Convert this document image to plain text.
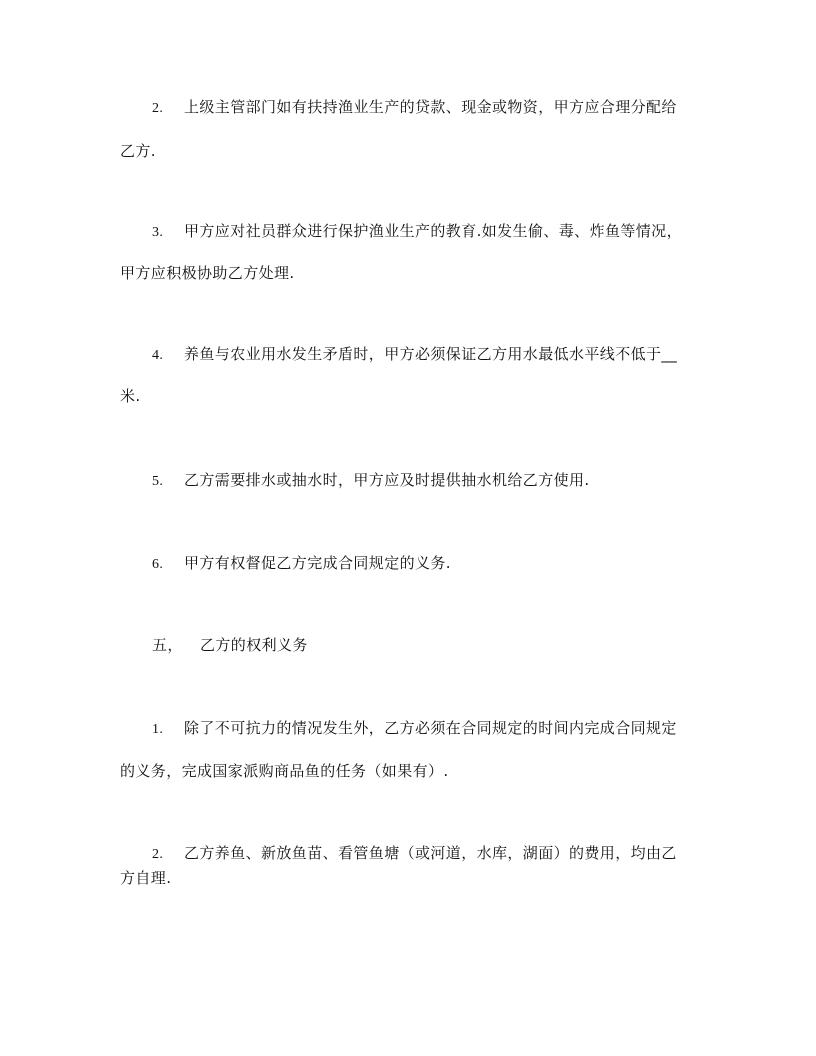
2. 上级主管部门如有扶持渔业生产的贷款、现金或物资，甲方应合理分配给
乙方.
3. 甲方应对社员群众进行保护渔业生产的教育.如发生偷、毒、炸鱼等情况，
甲方应积极协助乙方处理.
4. 养鱼与农业用水发生矛盾时，甲方必须保证乙方用水最低水平线不低于__
米.
5. 乙方需要排水或抽水时，甲方应及时提供抽水机给乙方使用.
6. 甲方有权督促乙方完成合同规定的义务.
五， 乙方的权利义务
1. 除了不可抗力的情况发生外，乙方必须在合同规定的时间内完成合同规定
的义务，完成国家派购商品鱼的任务（如果有）.
2. 乙方养鱼、新放鱼苗、看管鱼塘（或河道，水库，湖面）的费用，均由乙
方自理.
